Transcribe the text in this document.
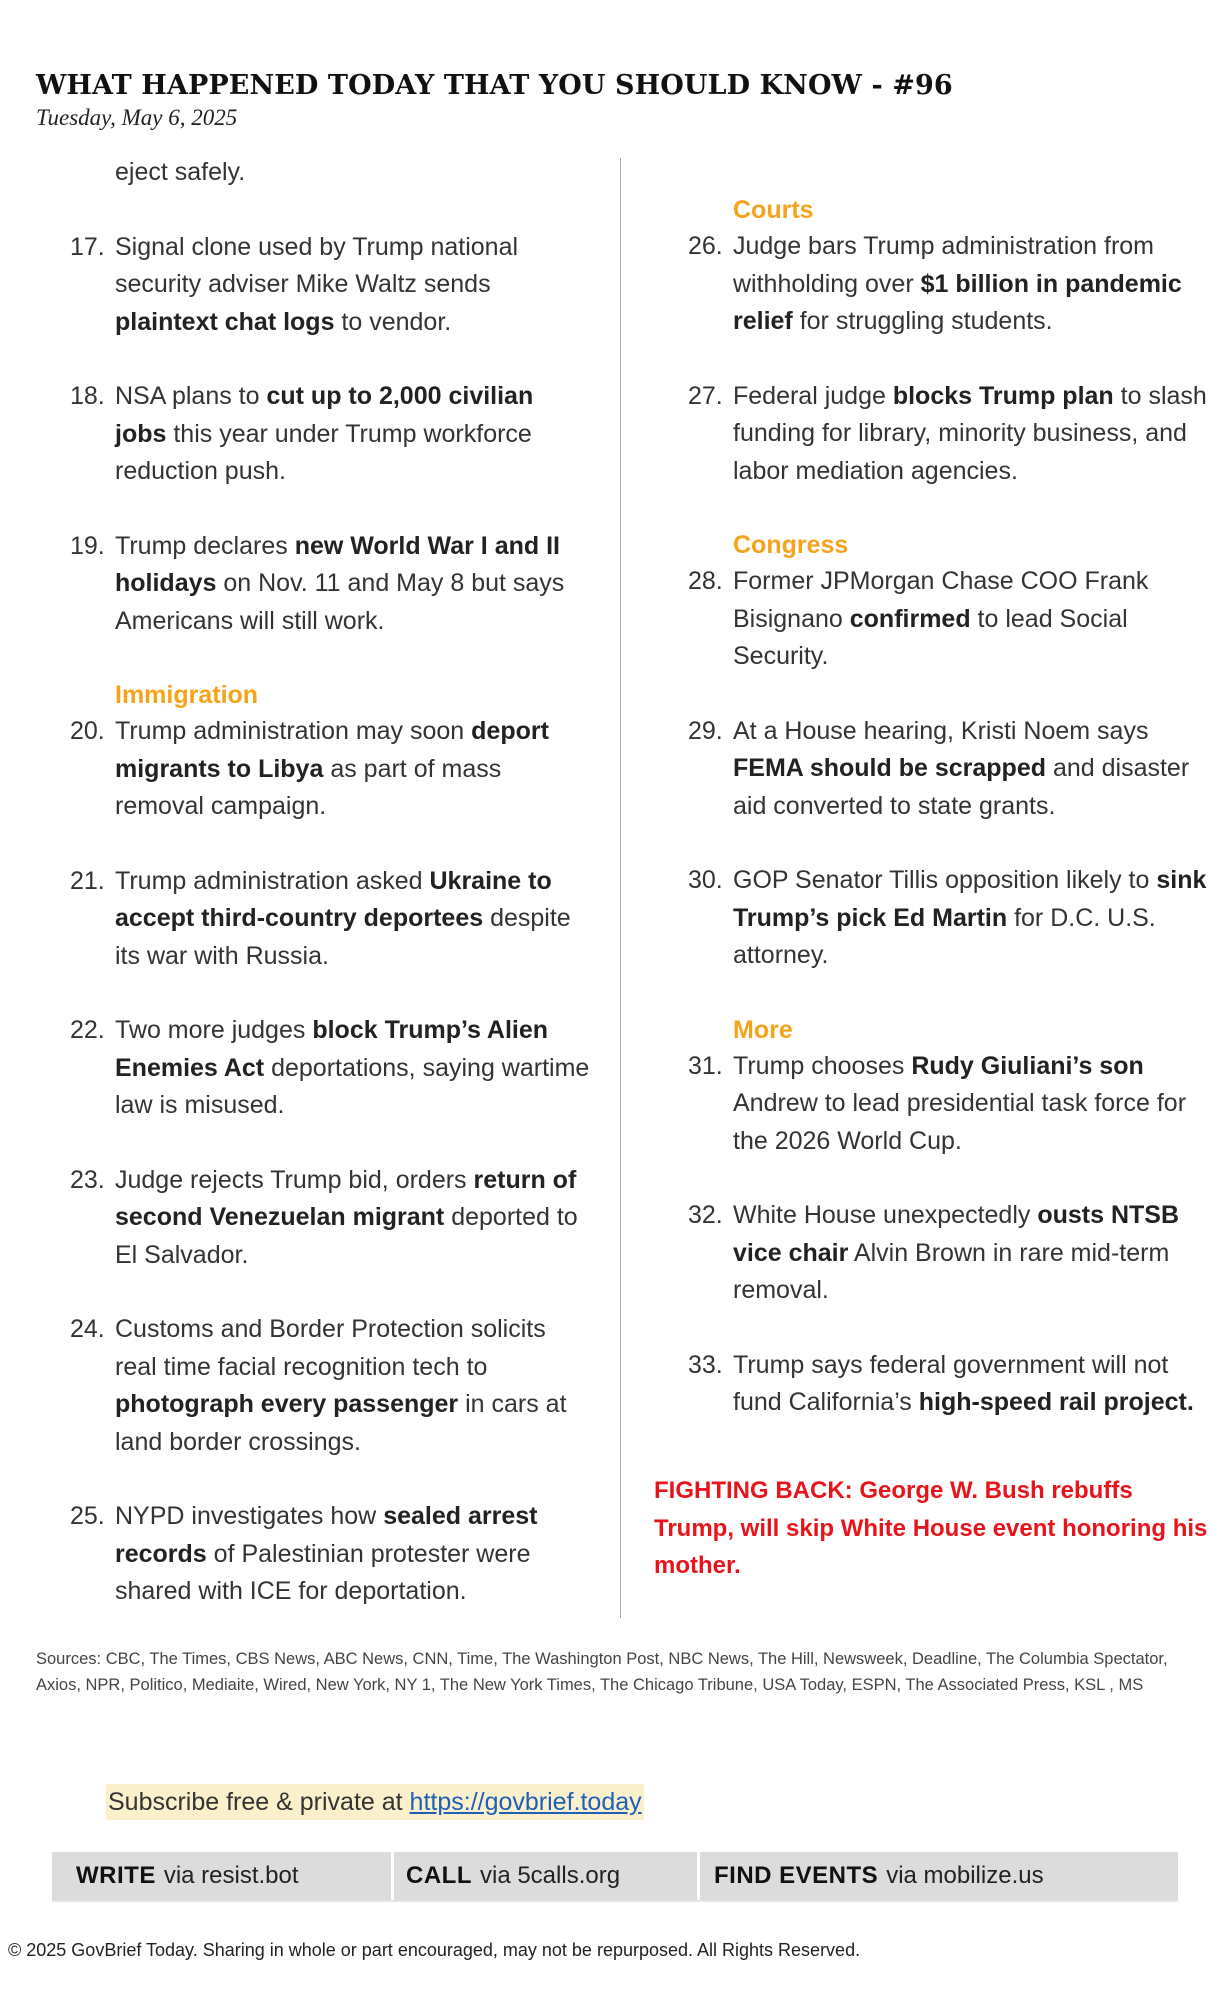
WHAT HAPPENED TODAY THAT YOU SHOULD KNOW - #96
Tuesday, May 6, 2025
eject safely.
17. Signal clone used by Trump national security adviser Mike Waltz sends plaintext chat logs to vendor.
18. NSA plans to cut up to 2,000 civilian jobs this year under Trump workforce reduction push.
19. Trump declares new World War I and II holidays on Nov. 11 and May 8 but says Americans will still work.
Immigration
20. Trump administration may soon deport migrants to Libya as part of mass removal campaign.
21. Trump administration asked Ukraine to accept third-country deportees despite its war with Russia.
22. Two more judges block Trump’s Alien Enemies Act deportations, saying wartime law is misused.
23. Judge rejects Trump bid, orders return of second Venezuelan migrant deported to El Salvador.
24. Customs and Border Protection solicits real time facial recognition tech to photograph every passenger in cars at land border crossings.
25. NYPD investigates how sealed arrest records of Palestinian protester were shared with ICE for deportation.
Courts
26. Judge bars Trump administration from withholding over $1 billion in pandemic relief for struggling students.
27. Federal judge blocks Trump plan to slash funding for library, minority business, and labor mediation agencies.
Congress
28. Former JPMorgan Chase COO Frank Bisignano confirmed to lead Social Security.
29. At a House hearing, Kristi Noem says FEMA should be scrapped and disaster aid converted to state grants.
30. GOP Senator Tillis opposition likely to sink Trump’s pick Ed Martin for D.C. U.S. attorney.
More
31. Trump chooses Rudy Giuliani’s son Andrew to lead presidential task force for the 2026 World Cup.
32. White House unexpectedly ousts NTSB vice chair Alvin Brown in rare mid-term removal.
33. Trump says federal government will not fund California’s high-speed rail project.
FIGHTING BACK: George W. Bush rebuffs Trump, will skip White House event honoring his mother.
Sources: CBC, The Times, CBS News, ABC News, CNN, Time, The Washington Post, NBC News, The Hill, Newsweek, Deadline, The Columbia Spectator, Axios, NPR, Politico, Mediaite, Wired, New York, NY 1, The New York Times, The Chicago Tribune, USA Today, ESPN, The Associated Press, KSL , MS
Subscribe free & private at https://govbrief.today
WRITE via resist.bot	CALL via 5calls.org	FIND EVENTS via mobilize.us
© 2025 GovBrief Today. Sharing in whole or part encouraged, may not be repurposed. All Rights Reserved.
